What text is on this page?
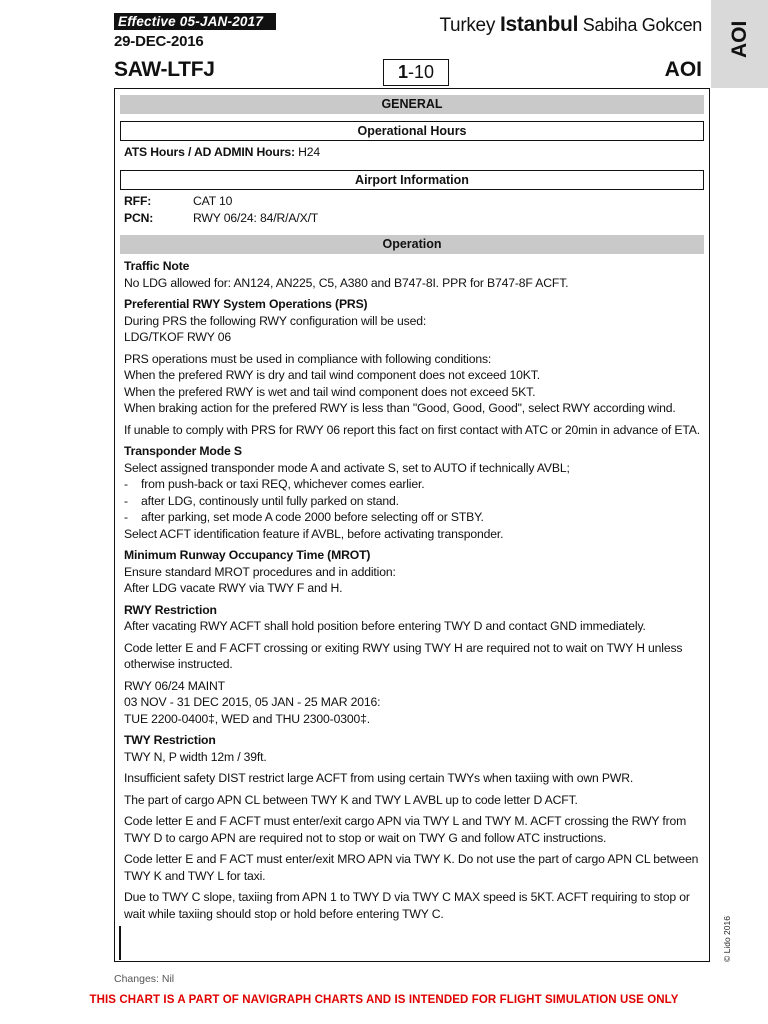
Effective 05-JAN-2017
29-DEC-2016
Turkey Istanbul Sabiha Gokcen
SAW-LTFJ	1-10	AOI
AOI
GENERAL
Operational Hours

ATS Hours / AD ADMIN Hours: H24

Airport Information
RFF:	CAT 10
PCN:	RWY 06/24: 84/R/A/X/T
Operation

Traffic Note

No LDG allowed for: AN124, AN225, C5, A380 and B747-8I. PPR for B747-8F ACFT.

Preferential RWY System Operations (PRS)

During PRS the following RWY configuration will be used:

LDG/TKOF RWY 06

PRS operations must be used in compliance with following conditions:

When the prefered RWY is dry and tail wind component does not exceed 10KT.

When the prefered RWY is wet and tail wind component does not exceed 5KT.

When braking action for the prefered RWY is less than "Good, Good, Good", select RWY according wind.

If unable to comply with PRS for RWY 06 report this fact on first contact with ATC or 20min in advance of ETA.

Transponder Mode S

Select assigned transponder mode A and activate S, set to AUTO if technically AVBL;

-	from push-back or taxi REQ, whichever comes earlier.
-	after LDG, continously until fully parked on stand.
-	after parking, set mode A code 2000 before selecting off or STBY.

Select ACFT identification feature if AVBL, before activating transponder.

Minimum Runway Occupancy Time (MROT)

Ensure standard MROT procedures and in addition:

After LDG vacate RWY via TWY F and H.

RWY Restriction

After vacating RWY ACFT shall hold position before entering TWY D and contact GND immediately.

Code letter E and F ACFT crossing or exiting RWY using TWY H are required not to wait on TWY H unless otherwise instructed.

RWY 06/24 MAINT

03 NOV - 31 DEC 2015, 05 JAN - 25 MAR 2016:

TUE 2200-0400‡, WED and THU 2300-0300‡.

TWY Restriction

TWY N, P width 12m / 39ft.

Insufficient safety DIST restrict large ACFT from using certain TWYs when taxiing with own PWR.

The part of cargo APN CL between TWY K and TWY L AVBL up to code letter D ACFT.

Code letter E and F ACFT must enter/exit cargo APN via TWY L and TWY M. ACFT crossing the RWY from TWY D to cargo APN are required not to stop or wait on TWY G and follow ATC instructions.

Code letter E and F ACT must enter/exit MRO APN via TWY K. Do not use the part of cargo APN CL between TWY K and TWY L for taxi.

Due to TWY C slope, taxiing from APN 1 to TWY D via TWY C MAX speed is 5KT. ACFT requiring to stop or wait while taxiing should stop or hold before entering TWY C.

Changes: Nil
© Lido 2016
THIS CHART IS A PART OF NAVIGRAPH CHARTS AND IS INTENDED FOR FLIGHT SIMULATION USE ONLY
